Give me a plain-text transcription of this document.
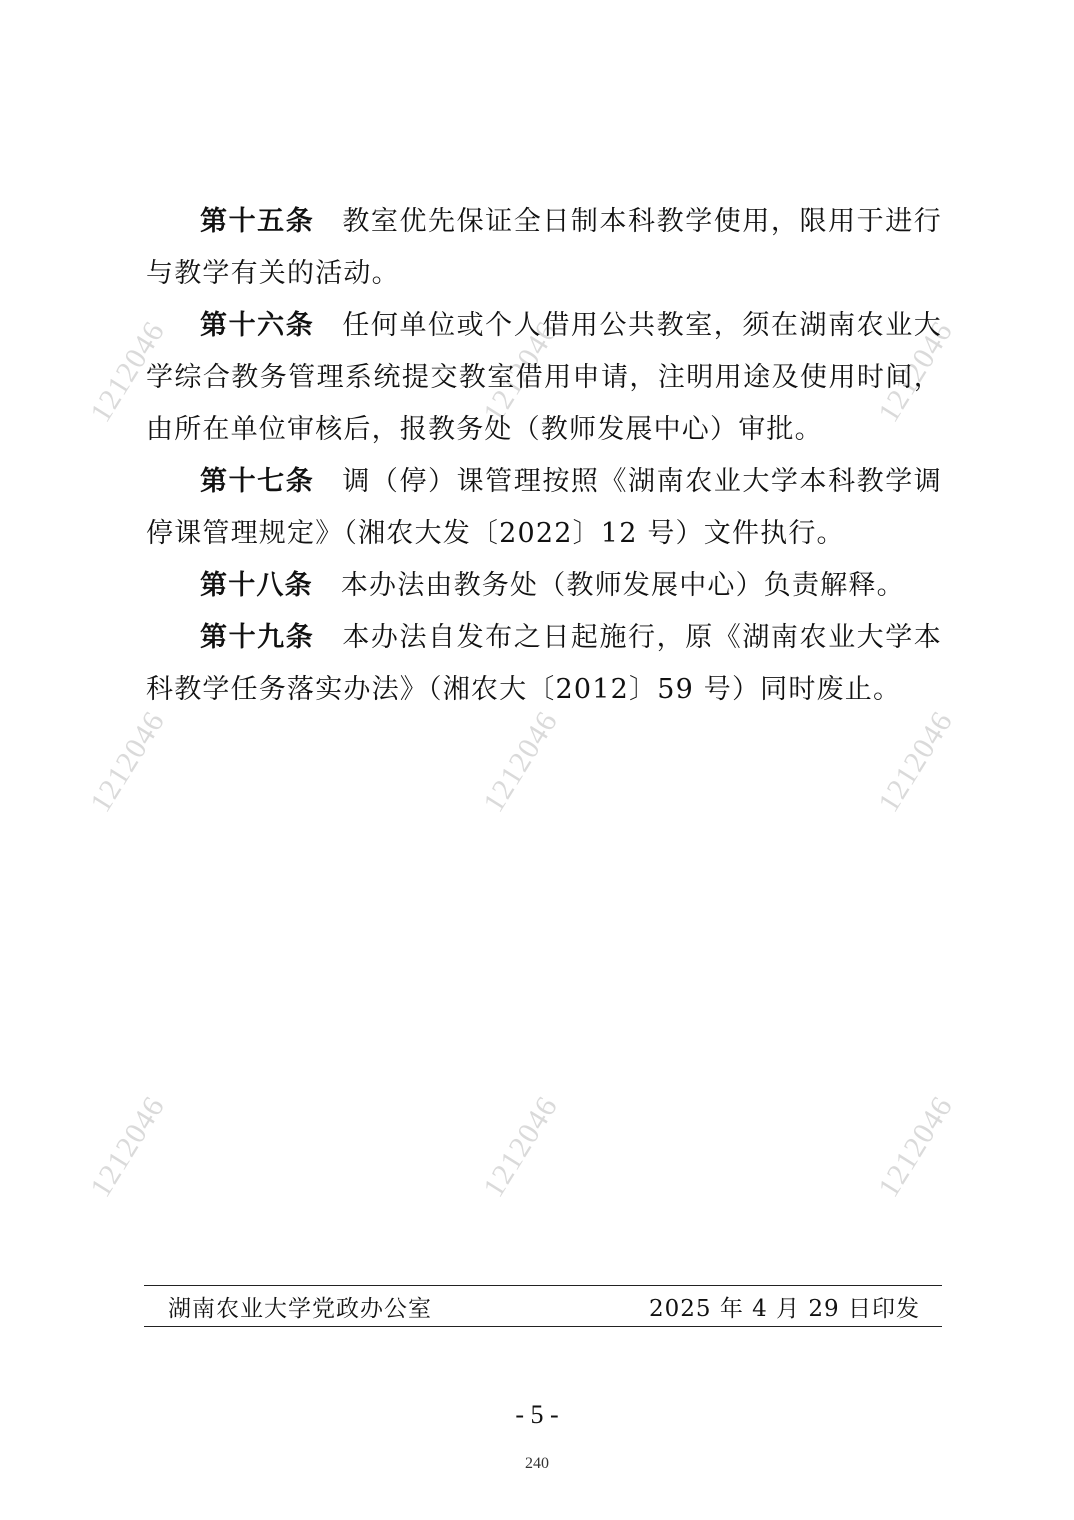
1212046	1212046	1212046
1212046	1212046	1212046
1212046	1212046	1212046

第十五条 教室优先保证全日制本科教学使用，限用于进行与教学有关的活动。

第十六条 任何单位或个人借用公共教室，须在湖南农业大学综合教务管理系统提交教室借用申请，注明用途及使用时间，由所在单位审核后，报教务处（教师发展中心）审批。

第十七条 调（停）课管理按照《湖南农业大学本科教学调停课管理规定》（湘农大发〔2022〕12 号）文件执行。

第十八条 本办法由教务处（教师发展中心）负责解释。

第十九条 本办法自发布之日起施行，原《湖南农业大学本科教学任务落实办法》（湘农大〔2012〕59 号）同时废止。

湖南农业大学党政办公室	2025 年 4 月 29 日印发
- 5 -
240
